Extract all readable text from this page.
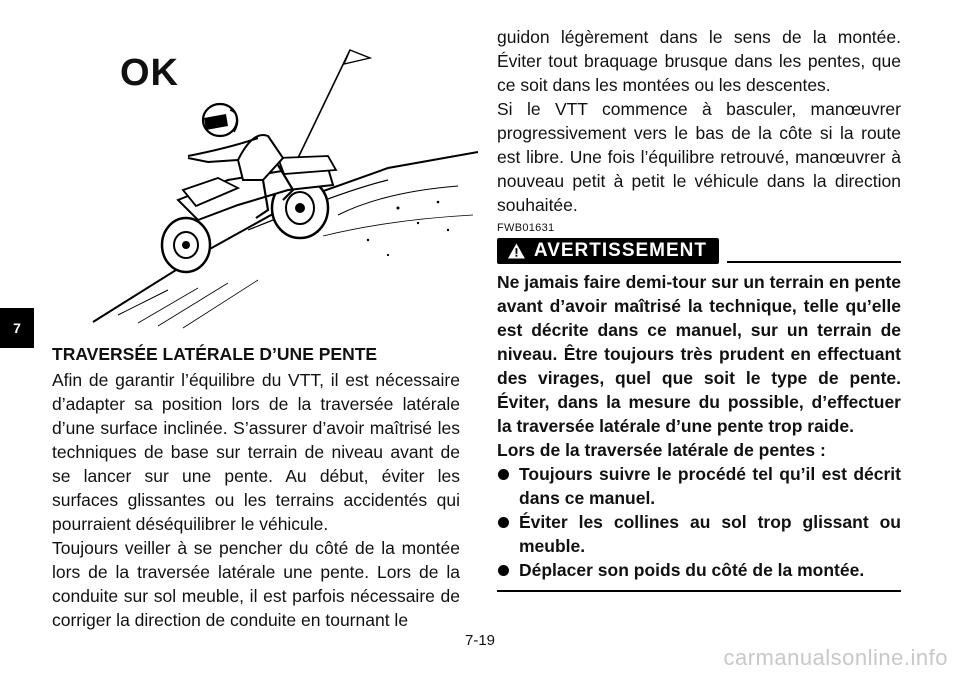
7
OK
TRAVERSÉE LATÉRALE D’UNE PENTE

Afin de garantir l’équilibre du VTT, il est nécessaire d’adapter sa position lors de la traversée latérale d’une surface inclinée. S’assurer d’avoir maîtrisé les techniques de base sur terrain de niveau avant de se lancer sur une pente. Au début, éviter les surfaces glissantes ou les terrains accidentés qui pourraient déséquilibrer le véhicule.

Toujours veiller à se pencher du côté de la montée lors de la traversée latérale une pente. Lors de la conduite sur sol meuble, il est parfois nécessaire de corriger la direction de conduite en tournant le

guidon légèrement dans le sens de la montée. Éviter tout braquage brusque dans les pentes, que ce soit dans les montées ou les descentes.

Si le VTT commence à basculer, manœuvrer progressivement vers le bas de la côte si la route est libre. Une fois l’équilibre retrouvé, manœuvrer à nouveau petit à petit le véhicule dans la direction souhaitée.

FWB01631
AVERTISSEMENT

Ne jamais faire demi-tour sur un terrain en pente avant d’avoir maîtrisé la technique, telle qu’elle est décrite dans ce manuel, sur un terrain de niveau. Être toujours très prudent en effectuant des virages, quel que soit le type de pente. Éviter, dans la mesure du possible, d’effectuer la traversée latérale d’une pente trop raide.

Lors de la traversée latérale de pentes :

Toujours suivre le procédé tel qu’il est décrit dans ce manuel.
Éviter les collines au sol trop glissant ou meuble.
Déplacer son poids du côté de la montée.
7-19
carmanualsonline.info
